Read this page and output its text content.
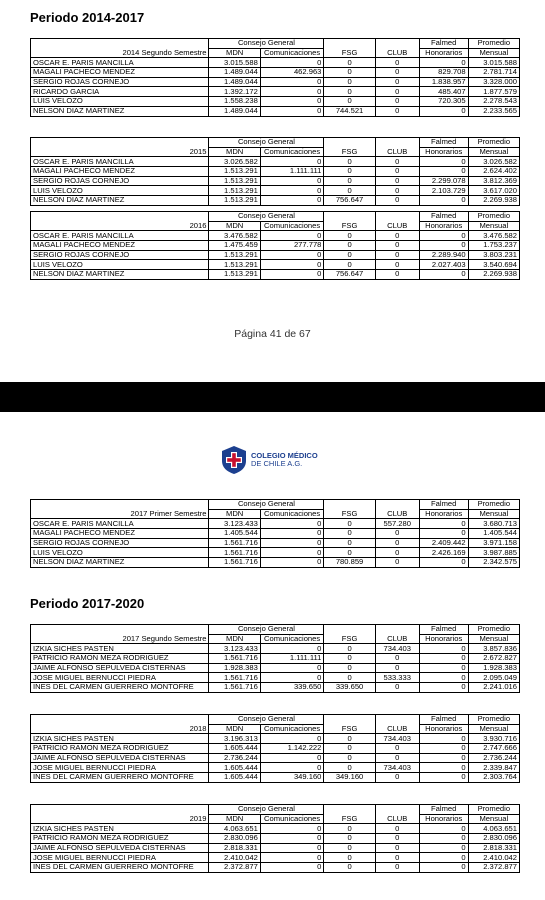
Periodo 2014-2017
	Consejo General				Falmed	Promedio
2014 Segundo Semestre	MDN	Comunicaciones	FSG	CLUB	Honorarios	Mensual
OSCAR E. PARIS MANCILLA	3.015.588	0	0	0	0	3.015.588
MAGALI PACHECO MENDEZ	1.489.044	462.963	0	0	829.708	2.781.714
SERGIO ROJAS CORNEJO	1.489.044	0	0	0	1.838.957	3.328.000
RICARDO GARCIA	1.392.172	0	0	0	485.407	1.877.579
LUIS VELOZO	1.558.238	0	0	0	720.305	2.278.543
NELSON DIAZ MARTINEZ	1.489.044	0	744.521	0	0	2.233.565
	Consejo General				Falmed	Promedio
2015	MDN	Comunicaciones	FSG	CLUB	Honorarios	Mensual
OSCAR E. PARIS MANCILLA	3.026.582	0	0	0	0	3.026.582
MAGALI PACHECO MENDEZ	1.513.291	1.111.111	0	0	0	2.624.402
SERGIO ROJAS CORNEJO	1.513.291	0	0	0	2.299.078	3.812.369
LUIS VELOZO	1.513.291	0	0	0	2.103.729	3.617.020
NELSON DIAZ MARTINEZ	1.513.291	0	756.647	0	0	2.269.938
	Consejo General				Falmed	Promedio
2016	MDN	Comunicaciones	FSG	CLUB	Honorarios	Mensual
OSCAR E. PARIS MANCILLA	3.476.582	0	0	0	0	3.476.582
MAGALI PACHECO MENDEZ	1.475.459	277.778	0	0	0	1.753.237
SERGIO ROJAS CORNEJO	1.513.291	0	0	0	2.289.940	3.803.231
LUIS VELOZO	1.513.291	0	0	0	2.027.403	3.540.694
NELSON DIAZ MARTINEZ	1.513.291	0	756.647	0	0	2.269.938
Página 41 de 67
COLEGIO MÉDICO
DE CHILE A.G.
	Consejo General				Falmed	Promedio
2017 Primer Semestre	MDN	Comunicaciones	FSG	CLUB	Honorarios	Mensual
OSCAR E. PARIS MANCILLA	3.123.433	0	0	557.280	0	3.680.713
MAGALI PACHECO MENDEZ	1.405.544	0	0	0	0	1.405.544
SERGIO ROJAS CORNEJO	1.561.716	0	0	0	2.409.442	3.971.158
LUIS VELOZO	1.561.716	0	0	0	2.426.169	3.987.885
NELSON DIAZ MARTINEZ	1.561.716	0	780.859	0	0	2.342.575
Periodo 2017-2020
	Consejo General				Falmed	Promedio
2017 Segundo Semestre	MDN	Comunicaciones	FSG	CLUB	Honorarios	Mensual
IZKIA SICHES PASTEN	3.123.433	0	0	734.403	0	3.857.836
PATRICIO RAMON MEZA RODRIGUEZ	1.561.716	1.111.111	0	0	0	2.672.827
JAIME ALFONSO SEPULVEDA CISTERNAS	1.928.383	0	0	0	0	1.928.383
JOSE MIGUEL BERNUCCI PIEDRA	1.561.716	0	0	533.333	0	2.095.049
INES DEL CARMEN GUERRERO MONTOFRE	1.561.716	339.650	339.650	0	0	2.241.016
	Consejo General				Falmed	Promedio
2018	MDN	Comunicaciones	FSG	CLUB	Honorarios	Mensual
IZKIA SICHES PASTEN	3.196.313	0	0	734.403	0	3.930.716
PATRICIO RAMON MEZA RODRIGUEZ	1.605.444	1.142.222	0	0	0	2.747.666
JAIME ALFONSO SEPULVEDA CISTERNAS	2.736.244	0	0	0	0	2.736.244
JOSE MIGUEL BERNUCCI PIEDRA	1.605.444	0	0	734.403	0	2.339.847
INES DEL CARMEN GUERRERO MONTOFRE	1.605.444	349.160	349.160	0	0	2.303.764
	Consejo General				Falmed	Promedio
2019	MDN	Comunicaciones	FSG	CLUB	Honorarios	Mensual
IZKIA SICHES PASTEN	4.063.651	0	0	0	0	4.063.651
PATRICIO RAMON MEZA RODRIGUEZ	2.830.096	0	0	0	0	2.830.096
JAIME ALFONSO SEPULVEDA CISTERNAS	2.818.331	0	0	0	0	2.818.331
JOSE MIGUEL BERNUCCI PIEDRA	2.410.042	0	0	0	0	2.410.042
INES DEL CARMEN GUERRERO MONTOFRE	2.372.877	0	0	0	0	2.372.877
